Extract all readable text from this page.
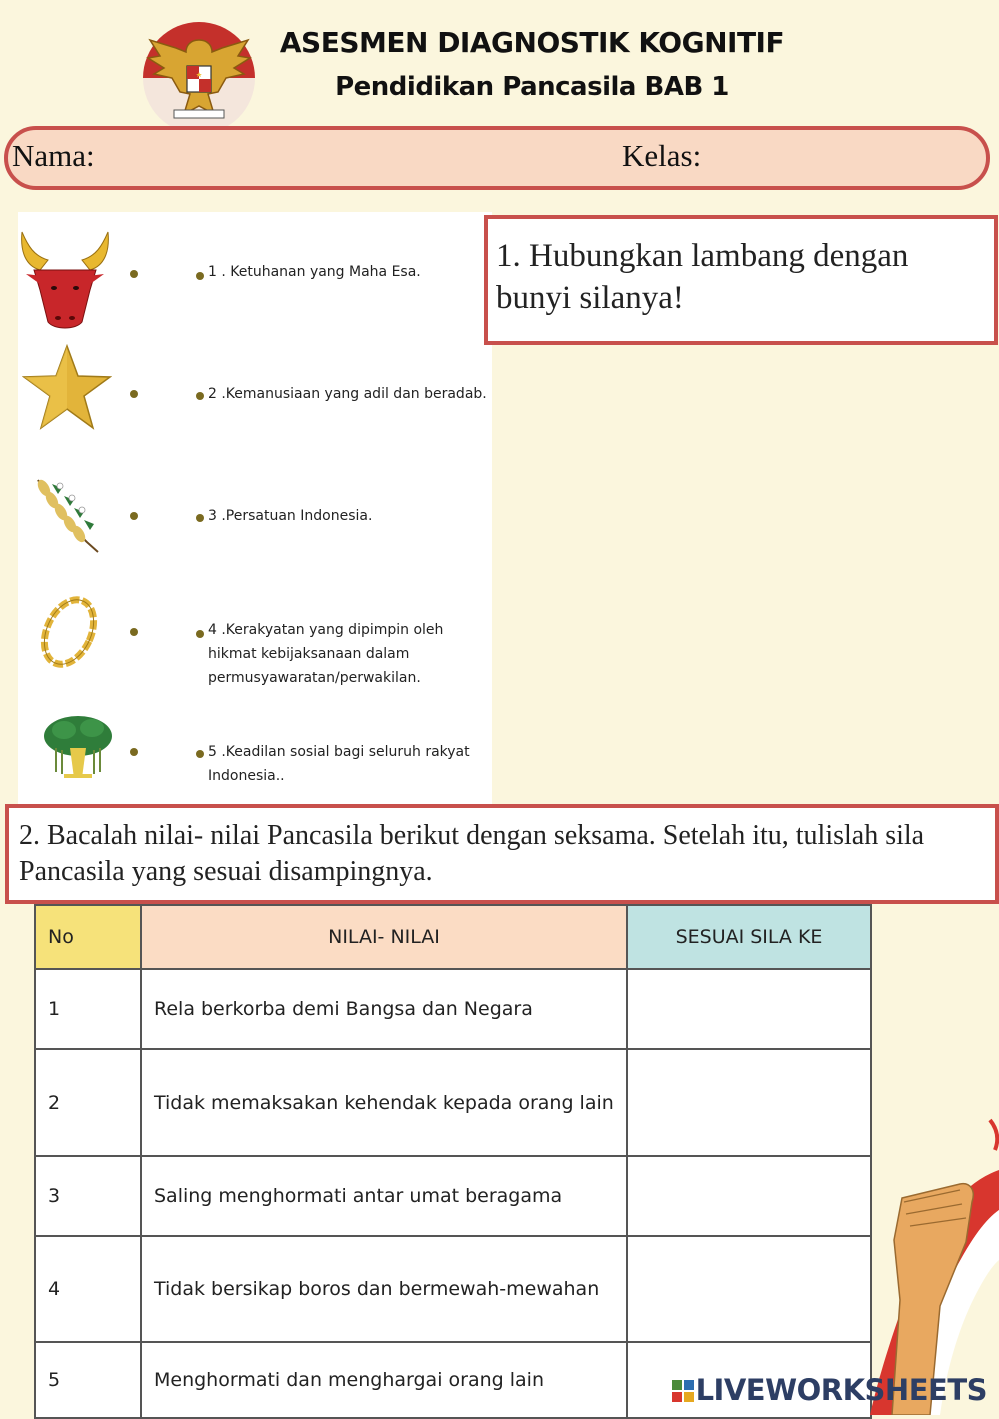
ASESMEN DIAGNOSTIK KOGNITIF
Pendidikan Pancasila BAB 1
Nama:	Kelas:
1 . Ketuhanan yang Maha Esa.
2 .Kemanusiaan yang adil dan beradab.
3 .Persatuan Indonesia.
4 .Kerakyatan yang dipimpin oleh hikmat kebijaksanaan dalam permusyawaratan/perwakilan.
5 .Keadilan sosial bagi seluruh rakyat Indonesia..
1. Hubungkan lambang dengan bunyi silanya!
2. Bacalah nilai- nilai Pancasila berikut dengan seksama. Setelah itu, tulislah sila Pancasila yang sesuai disampingnya.
No	NILAI- NILAI	SESUAI SILA KE
1	Rela berkorba demi Bangsa dan Negara	
2	Tidak memaksakan kehendak kepada orang lain	
3	Saling menghormati antar umat beragama	
4	Tidak bersikap boros dan bermewah-mewahan	
5	Menghormati dan menghargai orang lain		LIVEWORKSHEETS
